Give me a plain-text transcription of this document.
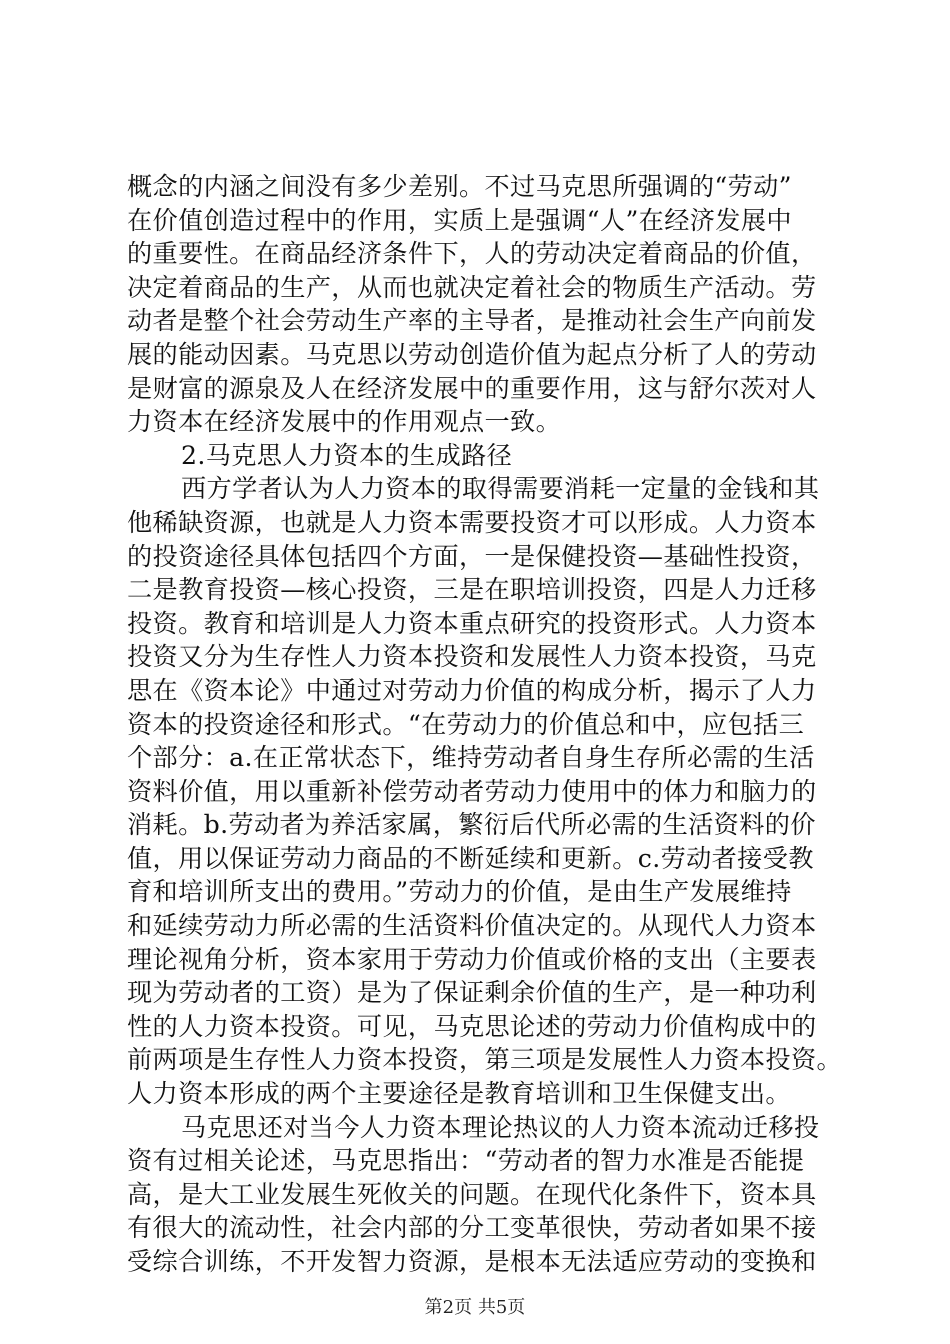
概念的内涵之间没有多少差别。不过马克思所强调的“劳动”
在价值创造过程中的作用，实质上是强调“人”在经济发展中
的重要性。在商品经济条件下，人的劳动决定着商品的价值，
决定着商品的生产，从而也就决定着社会的物质生产活动。劳
动者是整个社会劳动生产率的主导者，是推动社会生产向前发
展的能动因素。马克思以劳动创造价值为起点分析了人的劳动
是财富的源泉及人在经济发展中的重要作用，这与舒尔茨对人
力资本在经济发展中的作用观点一致。
2.马克思人力资本的生成路径
西方学者认为人力资本的取得需要消耗一定量的金钱和其
他稀缺资源，也就是人力资本需要投资才可以形成。人力资本
的投资途径具体包括四个方面，一是保健投资—基础性投资，
二是教育投资—核心投资，三是在职培训投资，四是人力迁移
投资。教育和培训是人力资本重点研究的投资形式。人力资本
投资又分为生存性人力资本投资和发展性人力资本投资，马克
思在《资本论》中通过对劳动力价值的构成分析，揭示了人力
资本的投资途径和形式。“在劳动力的价值总和中，应包括三
个部分：a.在正常状态下，维持劳动者自身生存所必需的生活
资料价值，用以重新补偿劳动者劳动力使用中的体力和脑力的
消耗。b.劳动者为养活家属，繁衍后代所必需的生活资料的价
值，用以保证劳动力商品的不断延续和更新。c.劳动者接受教
育和培训所支出的费用。”劳动力的价值，是由生产发展维持
和延续劳动力所必需的生活资料价值决定的。从现代人力资本
理论视角分析，资本家用于劳动力价值或价格的支出（主要表
现为劳动者的工资）是为了保证剩余价值的生产，是一种功利
性的人力资本投资。可见，马克思论述的劳动力价值构成中的
前两项是生存性人力资本投资，第三项是发展性人力资本投资。
人力资本形成的两个主要途径是教育培训和卫生保健支出。
马克思还对当今人力资本理论热议的人力资本流动迁移投
资有过相关论述，马克思指出：“劳动者的智力水准是否能提
高，是大工业发展生死攸关的问题。在现代化条件下，资本具
有很大的流动性，社会内部的分工变革很快，劳动者如果不接
受综合训练，不开发智力资源，是根本无法适应劳动的变换和
第2页 共5页
